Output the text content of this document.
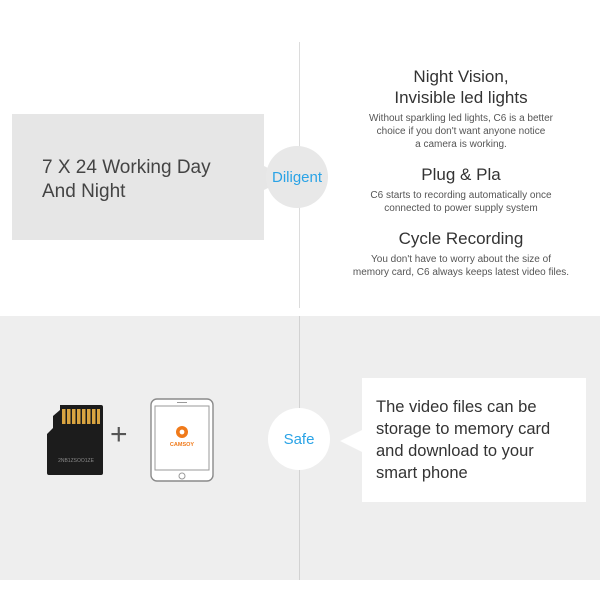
7 X 24 Working Day
And Night
Diligent
Night Vision,
Invisible led lights
Without sparkling led lights, C6 is a better
choice if you don't want anyone notice
a camera is working.
Plug & Pla
C6 starts to recording automatically once
connected to power supply system
Cycle Recording
You don't have to worry about the size of
memory card, C6 always keeps latest video files.
2NB1ZSOO1ZE
+	CAMSOY	Safe
The video files can be
storage to memory card
and download to your
smart phone
